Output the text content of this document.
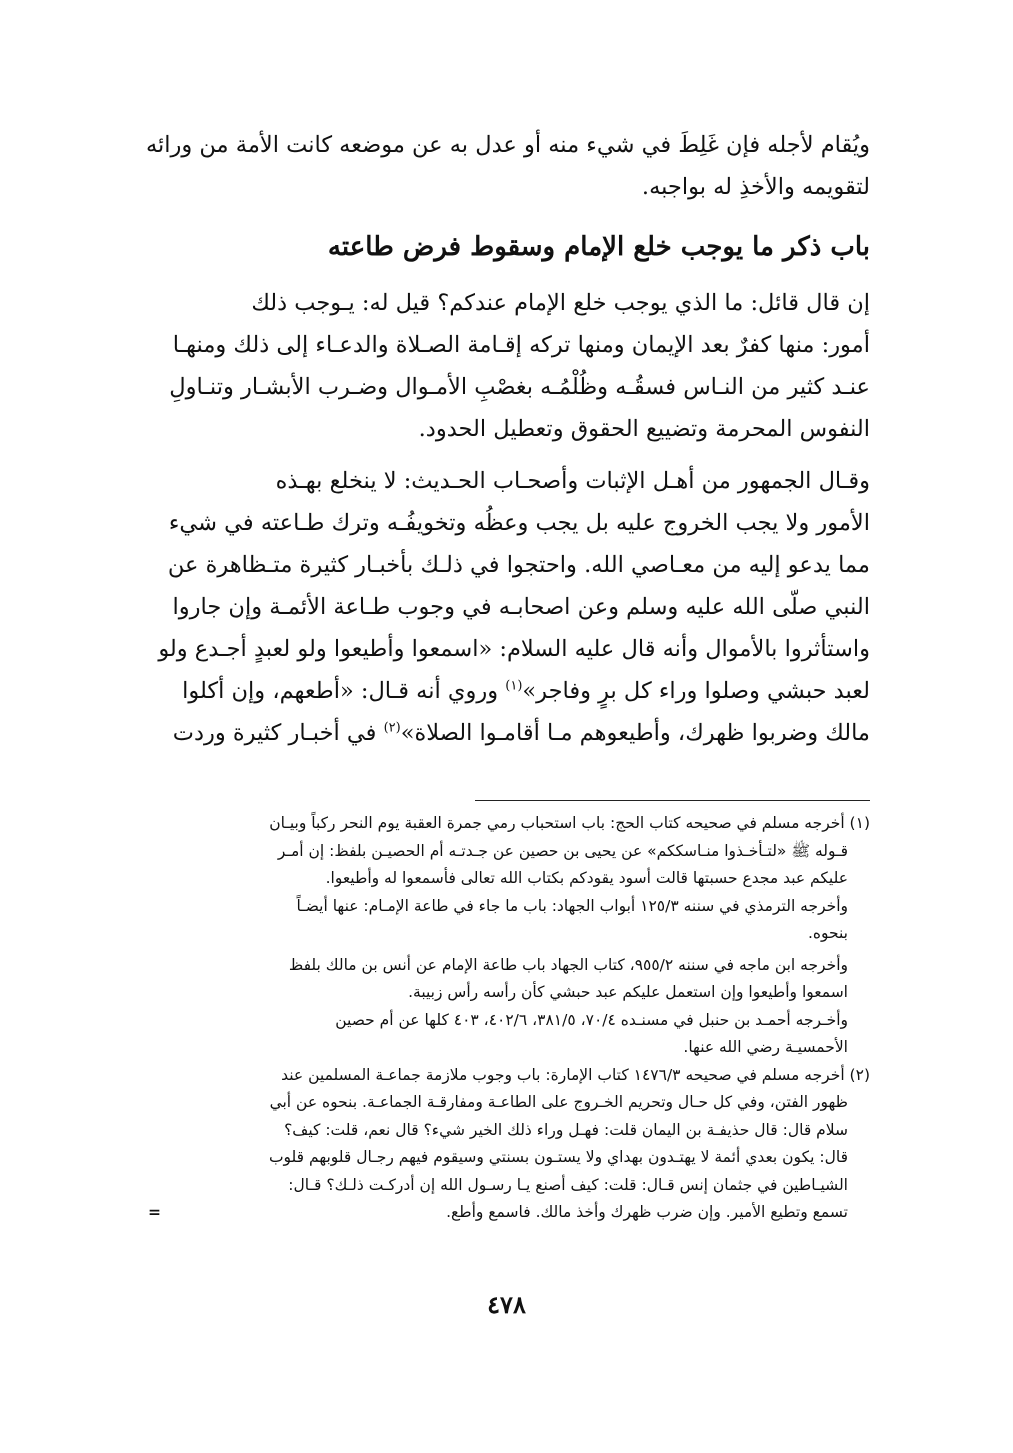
ويُقام لأجله فإن غَلِطَ في شيء منه أو عدل به عن موضعه كانت الأمة من ورائه
لتقويمه والأخذِ له بواجبه.

باب ذكر ما يوجب خلع الإمام وسقوط فرض طاعته

إن قال قائل: ما الذي يوجب خلع الإمام عندكم؟ قيل له: يـوجب ذلك
أمور: منها كفرٌ بعد الإيمان ومنها تركه إقـامة الصـلاة والدعـاء إلى ذلك ومنهـا
عنـد كثير من النـاس فسقُـه وظُلْمُـه بغصْبِ الأمـوال وضـرب الأبشـار وتنـاولِ
النفوس المحرمة وتضييع الحقوق وتعطيل الحدود.

وقـال الجمهور من أهـل الإثبات وأصحـاب الحـديث: لا ينخلع بهـذه
الأمور ولا يجب الخروج عليه بل يجب وعظُه وتخويفُـه وترك طـاعته في شيء
مما يدعو إليه من معـاصي الله. واحتجوا في ذلـك بأخبـار كثيرة متـظاهرة عن
النبي صلّى الله عليه وسلم وعن اصحابـه في وجوب طـاعة الأئمـة وإن جاروا
واستأثروا بالأموال وأنه قال عليه السلام: «اسمعوا وأطيعوا ولو لعبدٍ أجـدع ولو
لعبد حبشي وصلوا وراء كل برٍ وفاجر»$^{(١)}$ وروي أنه قـال: «أطعهم، وإن أكلوا
مالك وضربوا ظهرك، وأطيعوهم مـا أقامـوا الصلاة»$^{(٢)}$ في أخبـار كثيرة وردت

(١) أخرجه مسلم في صحيحه كتاب الحج: باب استحباب رمي جمرة العقبة يوم النحر ركباً وبيـان
قـوله ﷺ «لتـأخـذوا منـاسككم» عن يحيى بن حصين عن جـدتـه أم الحصيـن بلفظ: إن أمـر
عليكم عبد مجدع حسبتها قالت أسود يقودكم بكتاب الله تعالى فأسمعوا له وأطيعوا.
وأخرجه الترمذي في سننه ١٢٥/٣ أبواب الجهاد: باب ما جاء في طاعة الإمـام: عنها أيضـاً
بنحوه.
وأخرجه ابن ماجه في سننه ٩٥٥/٢، كتاب الجهاد باب طاعة الإمام عن أنس بن مالك بلفظ
اسمعوا وأطيعوا وإن استعمل عليكم عبد حبشي كأن رأسه رأس زبيبة.
وأخـرجه أحمـد بن حنبل في مسنـده ٧٠/٤، ٣٨١/٥، ٤٠٢/٦، ٤٠٣ كلها عن أم حصين
الأحمسيـة رضي الله عنها.
(٢) أخرجه مسلم في صحيحه ١٤٧٦/٣ كتاب الإمارة: باب وجوب ملازمة جماعـة المسلمين عند
ظهور الفتن، وفي كل حـال وتحريم الخـروج على الطاعـة ومفارقـة الجماعـة. بنحوه عن أبي
سلام قال: قال حذيفـة بن اليمان قلت: فهـل وراء ذلك الخير شيء؟ قال نعم، قلت: كيف؟
قال: يكون بعدي أئمة لا يهتـدون بهداي ولا يستـون بسنتي وسيقوم فيهم رجـال قلوبهم قلوب
الشيـاطين في جثمان إنس قـال: قلت: كيف أصنع يـا رسـول الله إن أدركـت ذلـك؟ قـال:
=	تسمع وتطيع الأمير. وإن ضرب ظهرك وأخذ مالك. فاسمع وأطع.
٤٧٨
